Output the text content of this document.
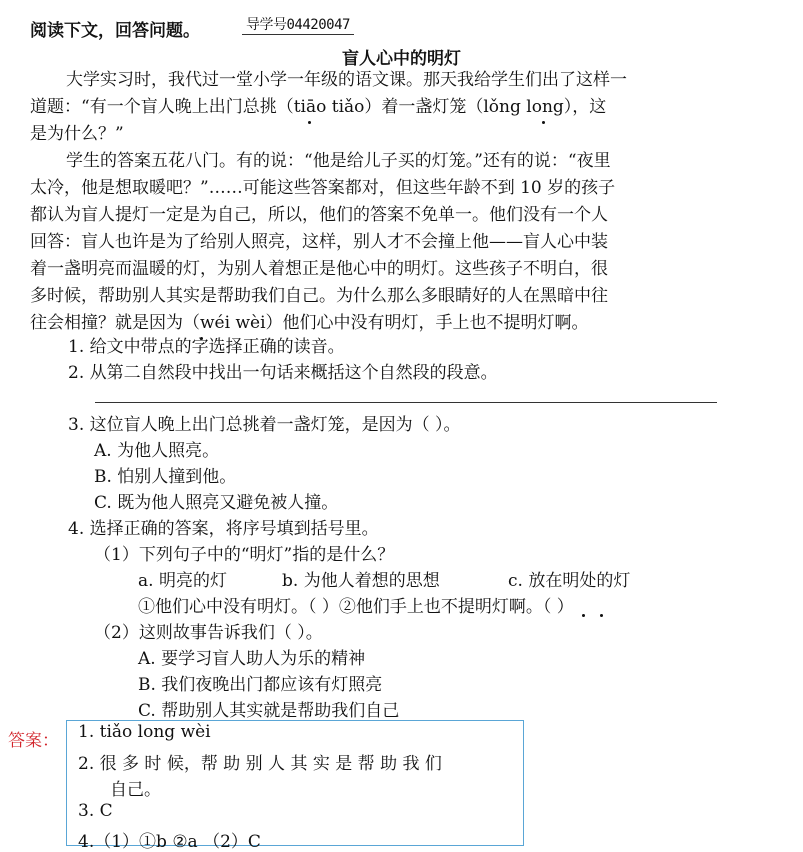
阅读下文，回答问题。	导学号04420047
盲人心中的明灯
大学实习时，我代过一堂小学一年级的语文课。那天我给学生们出了这样一
道题：“有一个盲人晚上出门总挑（tiāo tiǎo）着一盏灯笼（lǒng long），这
是为什么？”
学生的答案五花八门。有的说：“他是给儿子买的灯笼。”还有的说：“夜里
太冷，他是想取暖吧？”……可能这些答案都对，但这些年龄不到 10 岁的孩子
都认为盲人提灯一定是为自己，所以，他们的答案不免单一。他们没有一个人
回答：盲人也许是为了给别人照亮，这样，别人才不会撞上他——盲人心中装
着一盏明亮而温暖的灯，为别人着想正是他心中的明灯。这些孩子不明白，很
多时候，帮助别人其实是帮助我们自己。为什么那么多眼睛好的人在黑暗中往
往会相撞？就是因为（wéi wèi）他们心中没有明灯，手上也不提明灯啊。
1. 给文中带点的字选择正确的读音。
2. 从第二自然段中找出一句话来概括这个自然段的段意。
3. 这位盲人晚上出门总挑着一盏灯笼，是因为（ ）。
A. 为他人照亮。
B. 怕别人撞到他。
C. 既为他人照亮又避免被人撞。
4. 选择正确的答案，将序号填到括号里。
（1）下列句子中的“明灯”指的是什么？
a. 明亮的灯	b. 为他人着想的思想	c. 放在明处的灯
①他们心中没有明灯。（ ）②他们手上也不提明灯啊。（ ）
（2）这则故事告诉我们（ ）。
A. 要学习盲人助人为乐的精神
B. 我们夜晚出门都应该有灯照亮
C. 帮助别人其实就是帮助我们自己
答案： 1. tiǎo long wèi
2. 很 多 时 候，帮 助 别 人 其 实 是 帮 助 我 们
自己。
3. C
4.（1）①b ②a （2）C
